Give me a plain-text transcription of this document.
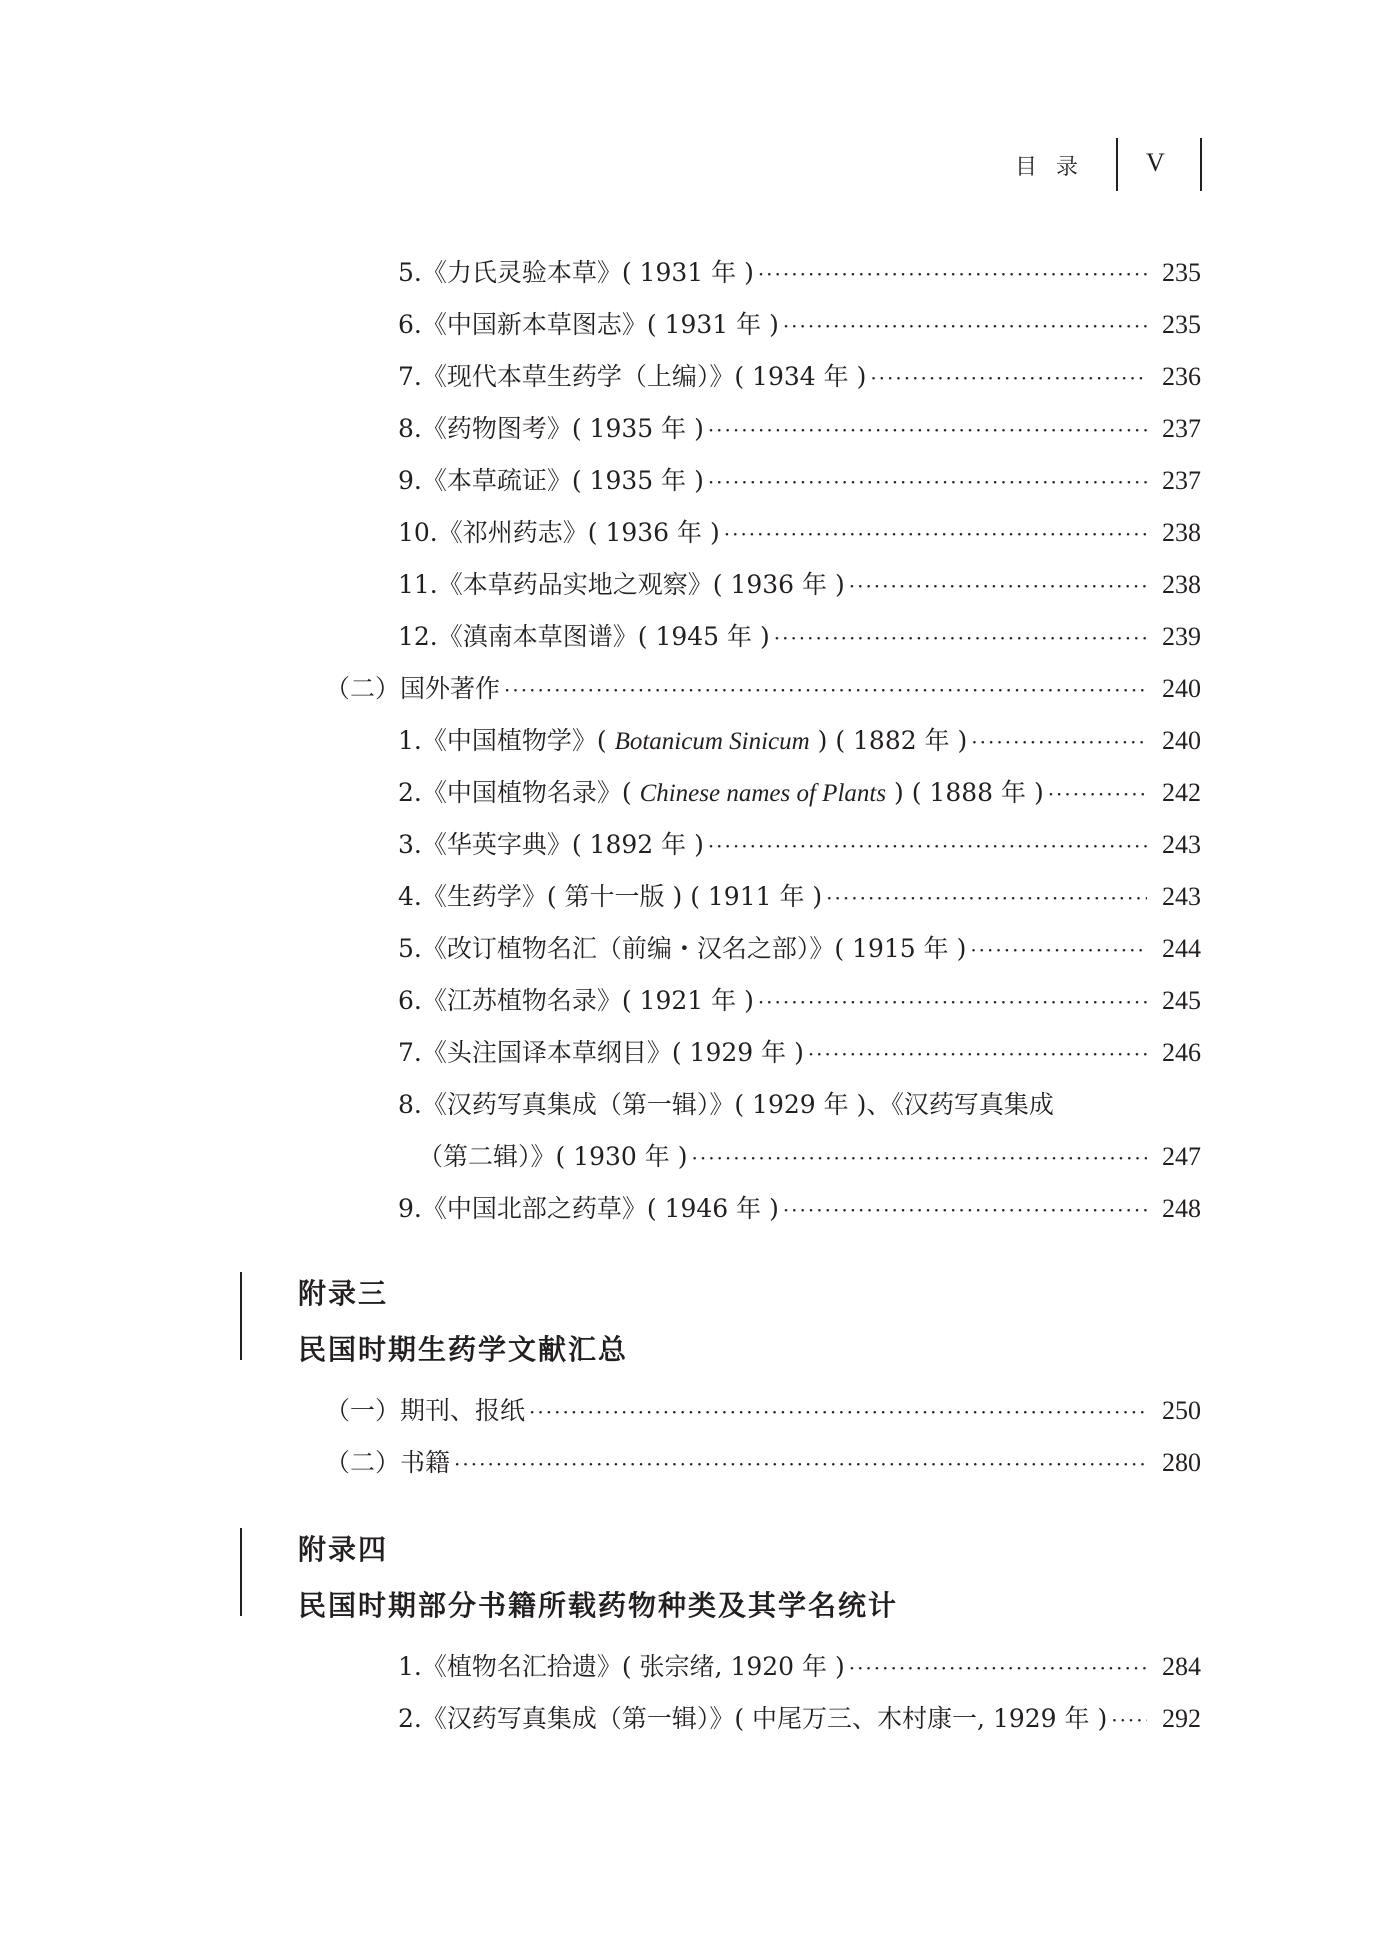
目 录 V
5.《力氏灵验本草》( 1931 年 ) ·····	235
6.《中国新本草图志》( 1931 年 ) ·····	235
7.《现代本草生药学（上编）》( 1934 年 ) ·····	236
8.《药物图考》( 1935 年 ) ·····	237
9.《本草疏证》( 1935 年 ) ·····	237
10.《祁州药志》( 1936 年 ) ·····	238
11.《本草药品实地之观察》( 1936 年 ) ·····	238
12.《滇南本草图谱》( 1945 年 ) ·····	239
（二）国外著作 ·····	240
1.《中国植物学》( Botanicum Sinicum ) ( 1882 年 ) ·····	240
2.《中国植物名录》( Chinese names of Plants ) ( 1888 年 ) ·····	242
3.《华英字典》( 1892 年 ) ·····	243
4.《生药学》( 第十一版 ) ( 1911 年 ) ·····	243
5.《改订植物名汇（前编・汉名之部）》( 1915 年 ) ·····	244
6.《江苏植物名录》( 1921 年 ) ·····	245
7.《头注国译本草纲目》( 1929 年 ) ·····	246
8.《汉药写真集成（第一辑）》( 1929 年 )、《汉药写真集成
（第二辑）》( 1930 年 ) ·····	247
9.《中国北部之药草》( 1946 年 ) ·····	248
附录三
民国时期生药学文献汇总
（一）期刊、报纸 ·····	250
（二）书籍 ·····	280
附录四
民国时期部分书籍所载药物种类及其学名统计
1.《植物名汇拾遗》( 张宗绪, 1920 年 ) ·····	284
2.《汉药写真集成（第一辑）》( 中尾万三、木村康一, 1929 年 ) ····· 292
